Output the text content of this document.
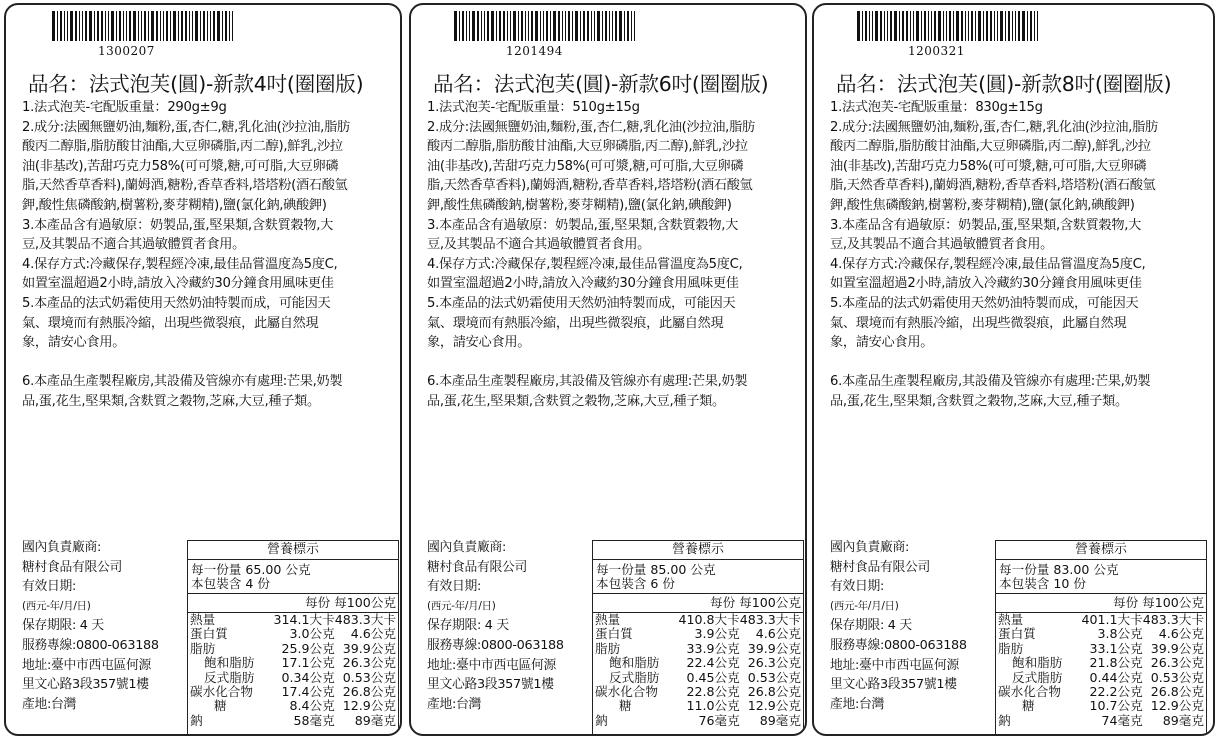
1300207
品名：法式泡芙(圓)-新款4吋(圈圈版)

1.法式泡芙-宅配版重量：290g±9g

2.成分:法國無鹽奶油,麵粉,蛋,杏仁,糖,乳化油(沙拉油,脂肪

酸丙二醇脂,脂肪酸甘油酯,大豆卵磷脂,丙二醇),鮮乳,沙拉

油(非基改),苦甜巧克力58%(可可漿,糖,可可脂,大豆卵磷

脂,天然香草香料),蘭姆酒,糖粉,香草香料,塔塔粉(酒石酸氫

鉀,酸性焦磷酸鈉,樹薯粉,麥芽糊精),鹽(氯化鈉,碘酸鉀)

3.本產品含有過敏原：奶製品,蛋,堅果類,含麩質穀物,大

豆,及其製品不適合其過敏體質者食用。

4.保存方式:冷藏保存,製程經冷凍,最佳品嘗溫度為5度C,

如置室溫超過2小時,請放入冷藏約30分鐘食用風味更佳

5.本產品的法式奶霜使用天然奶油特製而成，可能因天

氣、環境而有熱脹冷縮，出現些微裂痕，此屬自然現

象，請安心食用。

6.本產品生產製程廠房,其設備及管線亦有處理:芒果,奶製

品,蛋,花生,堅果類,含麩質之穀物,芝麻,大豆,種子類。

國內負責廠商:

糖村食品有限公司

有效日期:

(西元-年/月/日)

保存期限: 4 天

服務專線:0800-063188

地址:臺中市西屯區何源

里文心路3段357號1樓

產地:台灣

營養標示
每一份量 65.00 公克
本包裝含 4 份
每份 每100公克
熱量	314.1大卡	483.3大卡
蛋白質	3.0公克	4.6公克
脂肪	25.9公克	39.9公克
飽和脂肪	17.1公克	26.3公克
反式脂肪	0.34公克	0.53公克
碳水化合物	17.4公克	26.8公克
糖	8.4公克	12.9公克
鈉	58毫克	89毫克
1201494
品名：法式泡芙(圓)-新款6吋(圈圈版)

1.法式泡芙-宅配版重量：510g±15g

2.成分:法國無鹽奶油,麵粉,蛋,杏仁,糖,乳化油(沙拉油,脂肪

酸丙二醇脂,脂肪酸甘油酯,大豆卵磷脂,丙二醇),鮮乳,沙拉

油(非基改),苦甜巧克力58%(可可漿,糖,可可脂,大豆卵磷

脂,天然香草香料),蘭姆酒,糖粉,香草香料,塔塔粉(酒石酸氫

鉀,酸性焦磷酸鈉,樹薯粉,麥芽糊精),鹽(氯化鈉,碘酸鉀)

3.本產品含有過敏原：奶製品,蛋,堅果類,含麩質穀物,大

豆,及其製品不適合其過敏體質者食用。

4.保存方式:冷藏保存,製程經冷凍,最佳品嘗溫度為5度C,

如置室溫超過2小時,請放入冷藏約30分鐘食用風味更佳

5.本產品的法式奶霜使用天然奶油特製而成，可能因天

氣、環境而有熱脹冷縮，出現些微裂痕，此屬自然現

象，請安心食用。

6.本產品生產製程廠房,其設備及管線亦有處理:芒果,奶製

品,蛋,花生,堅果類,含麩質之穀物,芝麻,大豆,種子類。

國內負責廠商:

糖村食品有限公司

有效日期:

(西元-年/月/日)

保存期限: 4 天

服務專線:0800-063188

地址:臺中市西屯區何源

里文心路3段357號1樓

產地:台灣

營養標示
每一份量 85.00 公克
本包裝含 6 份
每份 每100公克
熱量	410.8大卡	483.3大卡
蛋白質	3.9公克	4.6公克
脂肪	33.9公克	39.9公克
飽和脂肪	22.4公克	26.3公克
反式脂肪	0.45公克	0.53公克
碳水化合物	22.8公克	26.8公克
糖	11.0公克	12.9公克
鈉	76毫克	89毫克
1200321
品名：法式泡芙(圓)-新款8吋(圈圈版)

1.法式泡芙-宅配版重量：830g±15g

2.成分:法國無鹽奶油,麵粉,蛋,杏仁,糖,乳化油(沙拉油,脂肪

酸丙二醇脂,脂肪酸甘油酯,大豆卵磷脂,丙二醇),鮮乳,沙拉

油(非基改),苦甜巧克力58%(可可漿,糖,可可脂,大豆卵磷

脂,天然香草香料),蘭姆酒,糖粉,香草香料,塔塔粉(酒石酸氫

鉀,酸性焦磷酸鈉,樹薯粉,麥芽糊精),鹽(氯化鈉,碘酸鉀)

3.本產品含有過敏原：奶製品,蛋,堅果類,含麩質穀物,大

豆,及其製品不適合其過敏體質者食用。

4.保存方式:冷藏保存,製程經冷凍,最佳品嘗溫度為5度C,

如置室溫超過2小時,請放入冷藏約30分鐘食用風味更佳

5.本產品的法式奶霜使用天然奶油特製而成，可能因天

氣、環境而有熱脹冷縮，出現些微裂痕，此屬自然現

象，請安心食用。

6.本產品生產製程廠房,其設備及管線亦有處理:芒果,奶製

品,蛋,花生,堅果類,含麩質之穀物,芝麻,大豆,種子類。

國內負責廠商:

糖村食品有限公司

有效日期:

(西元-年/月/日)

保存期限: 4 天

服務專線:0800-063188

地址:臺中市西屯區何源

里文心路3段357號1樓

產地:台灣

營養標示
每一份量 83.00 公克
本包裝含 10 份
每份 每100公克
熱量	401.1大卡	483.3大卡
蛋白質	3.8公克	4.6公克
脂肪	33.1公克	39.9公克
飽和脂肪	21.8公克	26.3公克
反式脂肪	0.44公克	0.53公克
碳水化合物	22.2公克	26.8公克
糖	10.7公克	12.9公克
鈉	74毫克	89毫克
